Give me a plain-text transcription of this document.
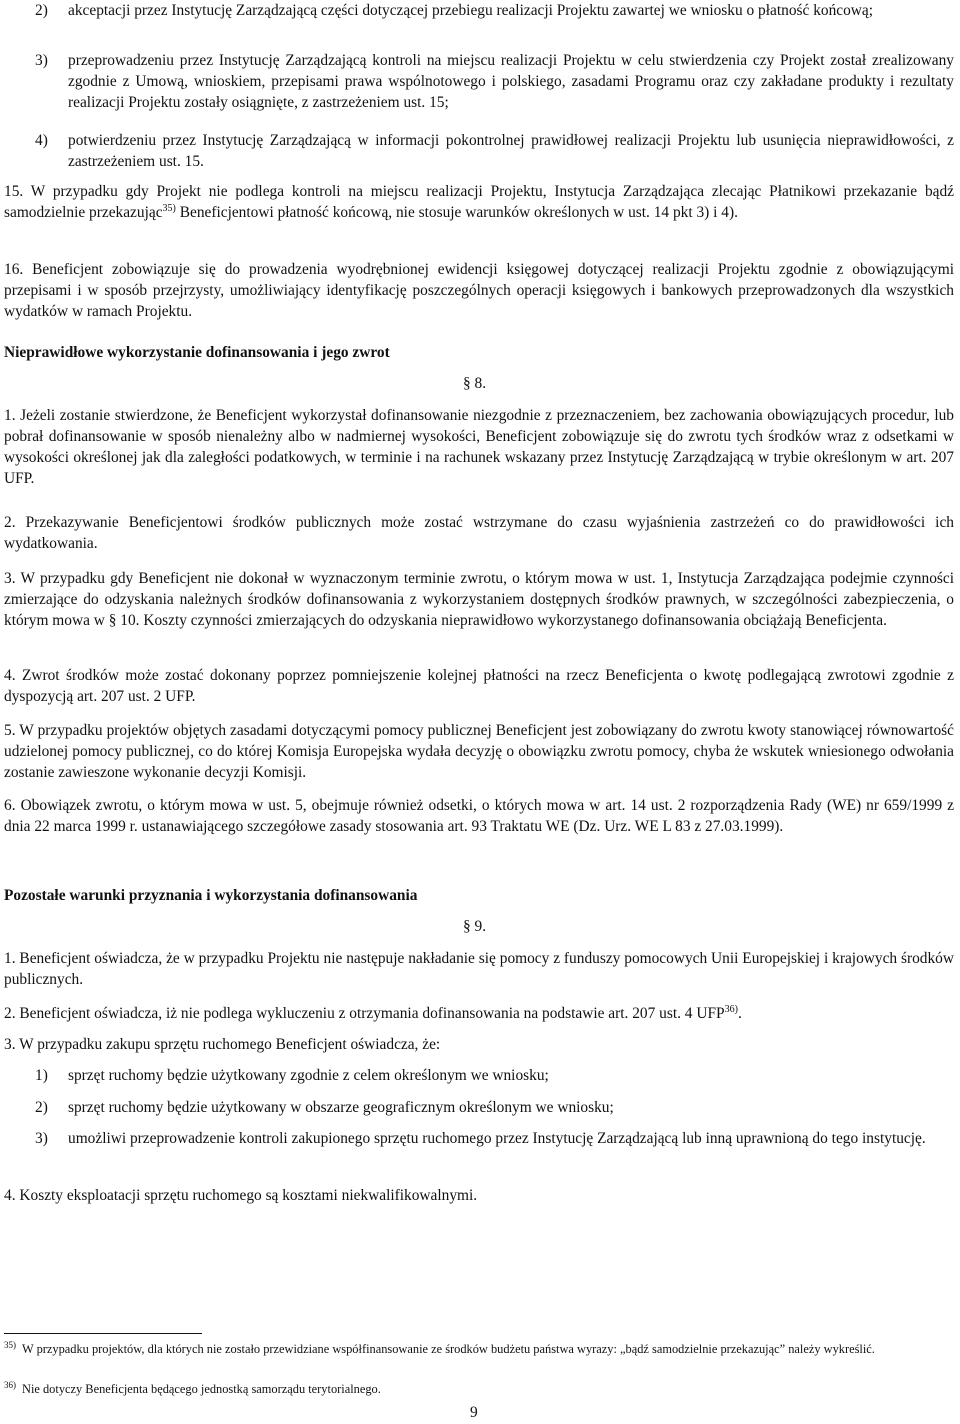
2) akceptacji przez Instytucję Zarządzającą części dotyczącej przebiegu realizacji Projektu zawartej we wniosku o płatność końcową;

3) przeprowadzeniu przez Instytucję Zarządzającą kontroli na miejscu realizacji Projektu w celu stwierdzenia czy Projekt został zrealizowany zgodnie z Umową, wnioskiem, przepisami prawa wspólnotowego i polskiego, zasadami Programu oraz czy zakładane produkty i rezultaty realizacji Projektu zostały osiągnięte, z zastrzeżeniem ust. 15;

4) potwierdzeniu przez Instytucję Zarządzającą w informacji pokontrolnej prawidłowej realizacji Projektu lub usunięcia nieprawidłowości, z zastrzeżeniem ust. 15.

15. W przypadku gdy Projekt nie podlega kontroli na miejscu realizacji Projektu, Instytucja Zarządzająca zlecając Płatnikowi przekazanie bądź samodzielnie przekazując$^{35)}$ Beneficjentowi płatność końcową, nie stosuje warunków określonych w ust. 14 pkt 3) i 4).

16. Beneficjent zobowiązuje się do prowadzenia wyodrębnionej ewidencji księgowej dotyczącej realizacji Projektu zgodnie z obowiązującymi przepisami i w sposób przejrzysty, umożliwiający identyfikację poszczególnych operacji księgowych i bankowych przeprowadzonych dla wszystkich wydatków w ramach Projektu.

Nieprawidłowe wykorzystanie dofinansowania i jego zwrot

§ 8.

1. Jeżeli zostanie stwierdzone, że Beneficjent wykorzystał dofinansowanie niezgodnie z przeznaczeniem, bez zachowania obowiązujących procedur, lub pobrał dofinansowanie w sposób nienależny albo w nadmiernej wysokości, Beneficjent zobowiązuje się do zwrotu tych środków wraz z odsetkami w wysokości określonej jak dla zaległości podatkowych, w terminie i na rachunek wskazany przez Instytucję Zarządzającą w trybie określonym w art. 207 UFP.

2. Przekazywanie Beneficjentowi środków publicznych może zostać wstrzymane do czasu wyjaśnienia zastrzeżeń co do prawidłowości ich wydatkowania.

3. W przypadku gdy Beneficjent nie dokonał w wyznaczonym terminie zwrotu, o którym mowa w ust. 1, Instytucja Zarządzająca podejmie czynności zmierzające do odzyskania należnych środków dofinansowania z wykorzystaniem dostępnych środków prawnych, w szczególności zabezpieczenia, o którym mowa w § 10. Koszty czynności zmierzających do odzyskania nieprawidłowo wykorzystanego dofinansowania obciążają Beneficjenta.

4. Zwrot środków może zostać dokonany poprzez pomniejszenie kolejnej płatności na rzecz Beneficjenta o kwotę podlegającą zwrotowi zgodnie z dyspozycją art. 207 ust. 2 UFP.

5. W przypadku projektów objętych zasadami dotyczącymi pomocy publicznej Beneficjent jest zobowiązany do zwrotu kwoty stanowiącej równowartość udzielonej pomocy publicznej, co do której Komisja Europejska wydała decyzję o obowiązku zwrotu pomocy, chyba że wskutek wniesionego odwołania zostanie zawieszone wykonanie decyzji Komisji.

6. Obowiązek zwrotu, o którym mowa w ust. 5, obejmuje również odsetki, o których mowa w art. 14 ust. 2 rozporządzenia Rady (WE) nr 659/1999 z dnia 22 marca 1999 r. ustanawiającego szczegółowe zasady stosowania art. 93 Traktatu WE (Dz. Urz. WE L 83 z 27.03.1999).

Pozostałe warunki przyznania i wykorzystania dofinansowania

§ 9.

1. Beneficjent oświadcza, że w przypadku Projektu nie następuje nakładanie się pomocy z funduszy pomocowych Unii Europejskiej i krajowych środków publicznych.

2. Beneficjent oświadcza, iż nie podlega wykluczeniu z otrzymania dofinansowania na podstawie art. 207 ust. 4 UFP$^{36)}$.

3. W przypadku zakupu sprzętu ruchomego Beneficjent oświadcza, że:

1) sprzęt ruchomy będzie użytkowany zgodnie z celem określonym we wniosku;

2) sprzęt ruchomy będzie użytkowany w obszarze geograficznym określonym we wniosku;

3) umożliwi przeprowadzenie kontroli zakupionego sprzętu ruchomego przez Instytucję Zarządzającą lub inną uprawnioną do tego instytucję.

4. Koszty eksploatacji sprzętu ruchomego są kosztami niekwalifikowalnymi.

$^{35)}$ W przypadku projektów, dla których nie zostało przewidziane współfinansowanie ze środków budżetu państwa wyrazy: „bądź samodzielnie przekazując” należy wykreślić.

$^{36)}$ Nie dotyczy Beneficjenta będącego jednostką samorządu terytorialnego.

9
